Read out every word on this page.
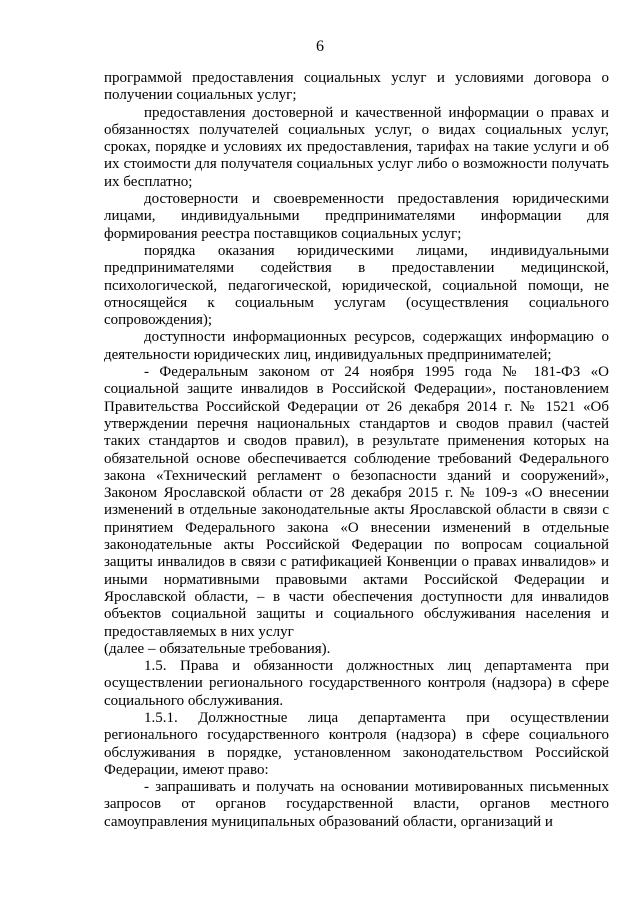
6

программой предоставления социальных услуг и условиями договора о получении социальных услуг;

предоставления достоверной и качественной информации о правах и обязанностях получателей социальных услуг, о видах социальных услуг, сроках, порядке и условиях их предоставления, тарифах на такие услуги и об их стоимости для получателя социальных услуг либо о возможности получать их бесплатно;

достоверности и своевременности предоставления юридическими лицами, индивидуальными предпринимателями информации для формирования реестра поставщиков социальных услуг;

порядка оказания юридическими лицами, индивидуальными предпринимателями содействия в предоставлении медицинской, психологической, педагогической, юридической, социальной помощи, не относящейся к социальным услугам (осуществления социального сопровождения);

доступности информационных ресурсов, содержащих информацию о деятельности юридических лиц, индивидуальных предпринимателей;

- Федеральным законом от 24 ноября 1995 года № 181-ФЗ «О социальной защите инвалидов в Российской Федерации», постановлением Правительства Российской Федерации от 26 декабря 2014 г. № 1521 «Об утверждении перечня национальных стандартов и сводов правил (частей таких стандартов и сводов правил), в результате применения которых на обязательной основе обеспечивается соблюдение требований Федерального закона «Технический регламент о безопасности зданий и сооружений», Законом Ярославской области от 28 декабря 2015 г. № 109-з «О внесении изменений в отдельные законодательные акты Ярославской области в связи с принятием Федерального закона «О внесении изменений в отдельные законодательные акты Российской Федерации по вопросам социальной защиты инвалидов в связи с ратификацией Конвенции о правах инвалидов» и иными нормативными правовыми актами Российской Федерации и Ярославской области, – в части обеспечения доступности для инвалидов объектов социальной защиты и социального обслуживания населения и предоставляемых в них услуг

(далее – обязательные требования).

1.5. Права и обязанности должностных лиц департамента при осуществлении регионального государственного контроля (надзора) в сфере социального обслуживания.

1.5.1. Должностные лица департамента при осуществлении регионального государственного контроля (надзора) в сфере социального обслуживания в порядке, установленном законодательством Российской Федерации, имеют право:

- запрашивать и получать на основании мотивированных письменных запросов от органов государственной власти, органов местного самоуправления муниципальных образований области, организаций и
